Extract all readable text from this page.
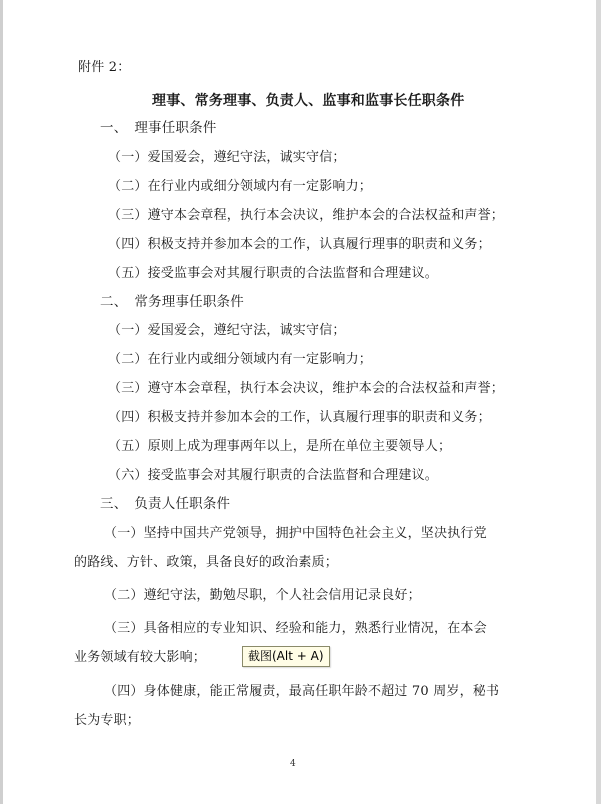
附件 2：
理事、常务理事、负责人、监事和监事长任职条件
一、　理事任职条件
（一）爱国爱会，遵纪守法，诚实守信；
（二）在行业内或细分领域内有一定影响力；
（三）遵守本会章程，执行本会决议，维护本会的合法权益和声誉；
（四）积极支持并参加本会的工作，认真履行理事的职责和义务；
（五）接受监事会对其履行职责的合法监督和合理建议。
二、　常务理事任职条件
（一）爱国爱会，遵纪守法，诚实守信；
（二）在行业内或细分领域内有一定影响力；
（三）遵守本会章程，执行本会决议，维护本会的合法权益和声誉；
（四）积极支持并参加本会的工作，认真履行理事的职责和义务；
（五）原则上成为理事两年以上，是所在单位主要领导人；
（六）接受监事会对其履行职责的合法监督和合理建议。
三、　负责人任职条件
（一）坚持中国共产党领导，拥护中国特色社会主义，坚决执行党
的路线、方针、政策，具备良好的政治素质；
（二）遵纪守法，勤勉尽职，个人社会信用记录良好；
（三）具备相应的专业知识、经验和能力，熟悉行业情况，在本会
业务领域有较大影响；
（四）身体健康，能正常履责，最高任职年龄不超过 70 周岁，秘书
长为专职；
4
截图(Alt + A)
